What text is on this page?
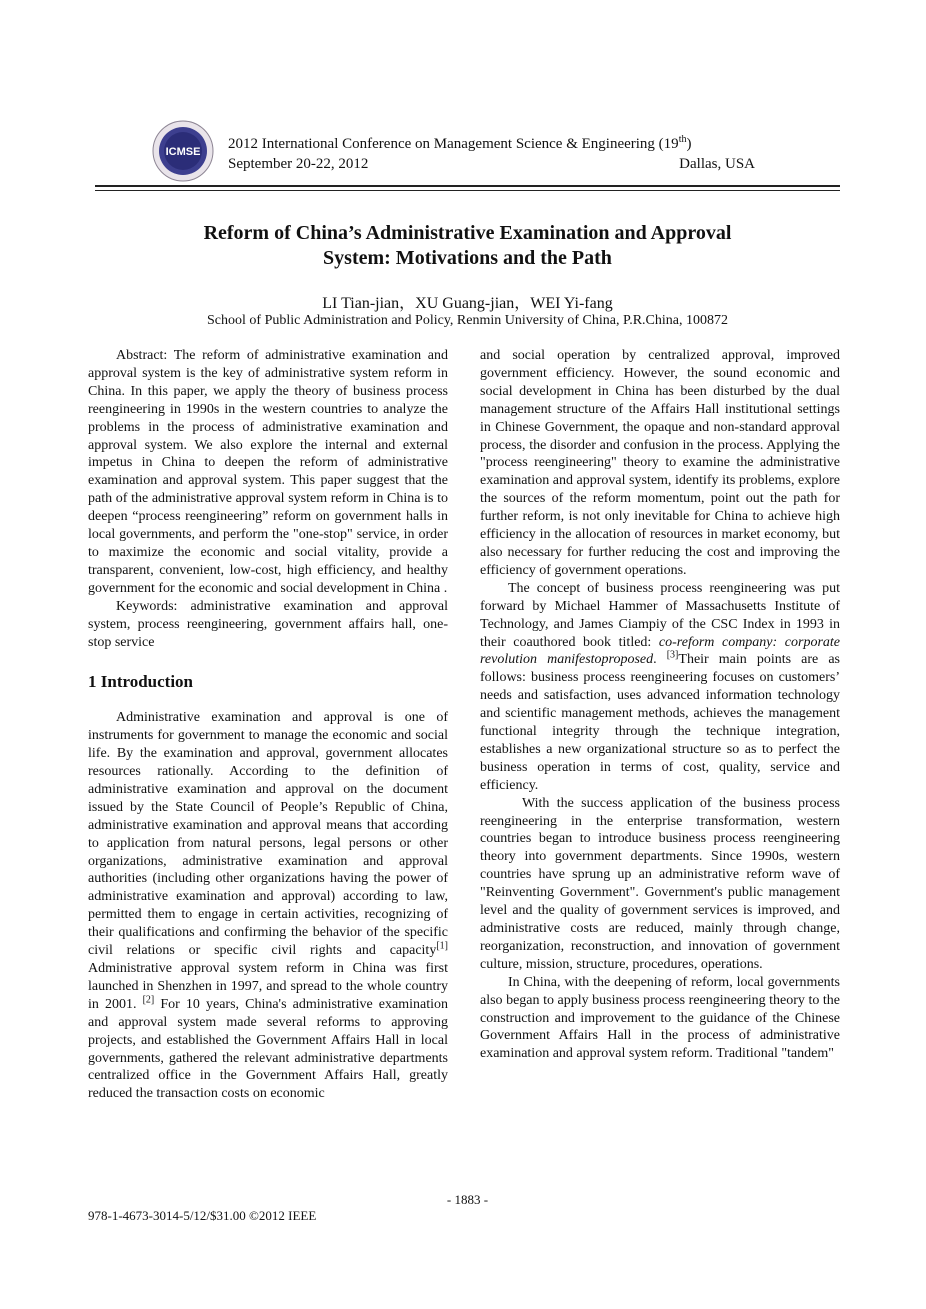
ICMSE 2012 International Conference on Management Science & Engineering (19th)
September 20-22, 2012	Dallas, USA
Reform of China’s Administrative Examination and Approval
System: Motivations and the Path
LI Tian-jian，XU Guang-jian，WEI Yi-fang
School of Public Administration and Policy, Renmin University of China, P.R.China, 100872

Abstract: The reform of administrative examination and approval system is the key of administrative system reform in China. In this paper, we apply the theory of business process reengineering in 1990s in the western countries to analyze the problems in the process of administrative examination and approval system. We also explore the internal and external impetus in China to deepen the reform of administrative examination and approval system. This paper suggest that the path of the administrative approval system reform in China is to deepen “process reengineering” reform on government halls in local governments, and perform the "one-stop" service, in order to maximize the economic and social vitality, provide a transparent, convenient, low-cost, high efficiency, and healthy government for the economic and social development in China .

Keywords: administrative examination and approval system, process reengineering, government affairs hall, one-stop service

1 Introduction

Administrative examination and approval is one of instruments for government to manage the economic and social life. By the examination and approval, government allocates resources rationally. According to the definition of administrative examination and approval on the document issued by the State Council of People’s Republic of China, administrative examination and approval means that according to application from natural persons, legal persons or other organizations, administrative examination and approval authorities (including other organizations having the power of administrative examination and approval) according to law, permitted them to engage in certain activities, recognizing of their qualifications and confirming the behavior of the specific civil relations or specific civil rights and capacity[1] Administrative approval system reform in China was first launched in Shenzhen in 1997, and spread to the whole country in 2001. [2] For 10 years, China's administrative examination and approval system made several reforms to approving projects, and established the Government Affairs Hall in local governments, gathered the relevant administrative departments centralized office in the Government Affairs Hall, greatly reduced the transaction costs on economic

and social operation by centralized approval, improved government efficiency. However, the sound economic and social development in China has been disturbed by the dual management structure of the Affairs Hall institutional settings in Chinese Government, the opaque and non-standard approval process, the disorder and confusion in the process. Applying the "process reengineering" theory to examine the administrative examination and approval system, identify its problems, explore the sources of the reform momentum, point out the path for further reform, is not only inevitable for China to achieve high efficiency in the allocation of resources in market economy, but also necessary for further reducing the cost and improving the efficiency of government operations.

The concept of business process reengineering was put forward by Michael Hammer of Massachusetts Institute of Technology, and James Ciampiy of the CSC Index in 1993 in their coauthored book titled: co-reform company: corporate revolution manifestoproposed. [3]Their main points are as follows: business process reengineering focuses on customers’ needs and satisfaction, uses advanced information technology and scientific management methods, achieves the management functional integrity through the technique integration, establishes a new organizational structure so as to perfect the business operation in terms of cost, quality, service and efficiency.

With the success application of the business process reengineering in the enterprise transformation, western countries began to introduce business process reengineering theory into government departments. Since 1990s, western countries have sprung up an administrative reform wave of "Reinventing Government". Government's public management level and the quality of government services is improved, and administrative costs are reduced, mainly through change, reorganization, reconstruction, and innovation of government culture, mission, structure, procedures, operations.

In China, with the deepening of reform, local governments also began to apply business process reengineering theory to the construction and improvement to the guidance of the Chinese Government Affairs Hall in the process of administrative examination and approval system reform. Traditional "tandem"

- 1883 -
978-1-4673-3014-5/12/$31.00 ©2012 IEEE
